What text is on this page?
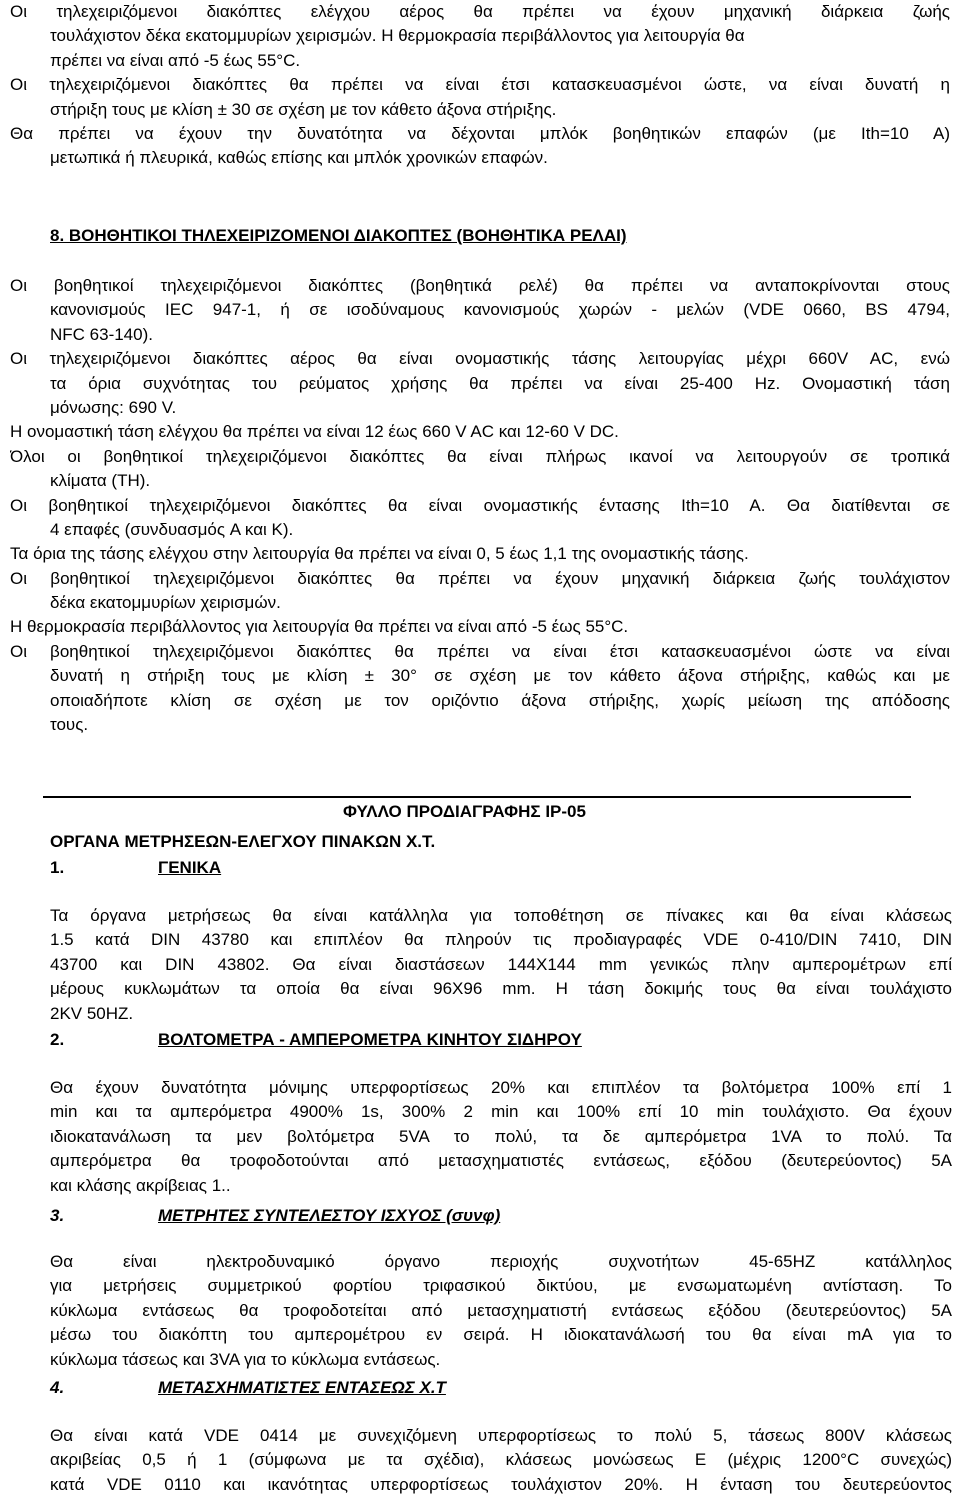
Οι τηλεχειριζόμενοι διακόπτες ελέγχου αέρος θα πρέπει να έχουν μηχανική διάρκεια ζωής
τουλάχιστον δέκα εκατομμυρίων χειρισμών. Η θερμοκρασία περιβάλλοντος για λειτουργία θα
πρέπει να είναι από -5 έως 55°C.
Οι τηλεχειριζόμενοι διακόπτες θα πρέπει να είναι έτσι κατασκευασμένοι ώστε, να είναι δυνατή η
στήριξη τους με κλίση ± 30 σε σχέση με τον κάθετο άξονα στήριξης.
Θα πρέπει να έχουν την δυνατότητα να δέχονται μπλόκ βοηθητικών επαφών (με Ith=10 A)
μετωπικά ή πλευρικά, καθώς επίσης και μπλόκ χρονικών επαφών.
8. ΒΟΗΘΗΤΙΚΟΙ ΤΗΛΕΧΕΙΡΙΖΟΜΕΝΟΙ ΔΙΑΚΟΠΤΕΣ (ΒΟΗΘΗΤΙΚΑ ΡΕΛΑΙ)
Οι βοηθητικοί τηλεχειριζόμενοι διακόπτες (βοηθητικά ρελέ) θα πρέπει να ανταποκρίνονται στους
κανονισμούς IEC 947-1, ή σε ισοδύναμους κανονισμούς χωρών - μελών (VDE 0660, BS 4794,
NFC 63-140).
Οι τηλεχειριζόμενοι διακόπτες αέρος θα είναι ονομαστικής τάσης λειτουργίας μέχρι 660V AC, ενώ
τα όρια συχνότητας του ρεύματος χρήσης θα πρέπει να είναι 25-400 Hz. Ονομαστική τάση
μόνωσης: 690 V.
Η ονομαστική τάση ελέγχου θα πρέπει να είναι 12 έως 660 V AC και 12-60 V DC.
Όλοι οι βοηθητικοί τηλεχειριζόμενοι διακόπτες θα είναι πλήρως ικανοί να λειτουργούν σε τροπικά
κλίματα (TH).
Οι βοηθητικοί τηλεχειριζόμενοι διακόπτες θα είναι ονομαστικής έντασης Ith=10 A. Θα διατίθενται σε
4 επαφές (συνδυασμός A και K).
Τα όρια της τάσης ελέγχου στην λειτουργία θα πρέπει να είναι 0, 5 έως 1,1 της ονομαστικής τάσης.
Οι βοηθητικοί τηλεχειριζόμενοι διακόπτες θα πρέπει να έχουν μηχανική διάρκεια ζωής τουλάχιστον
δέκα εκατομμυρίων χειρισμών.
Η θερμοκρασία περιβάλλοντος για λειτουργία θα πρέπει να είναι από -5 έως 55°C.
Οι βοηθητικοί τηλεχειριζόμενοι διακόπτες θα πρέπει να είναι έτσι κατασκευασμένοι ώστε να είναι
δυνατή η στήριξη τους με κλίση ± 30° σε σχέση με τον κάθετο άξονα στήριξης, καθώς και με
οποιαδήποτε κλίση σε σχέση με τον οριζόντιο άξονα στήριξης, χωρίς μείωση της απόδοσης
τους.
ΦΥΛΛΟ ΠΡΟΔΙΑΓΡΑΦΗΣ IP-05
ΟΡΓΑΝΑ ΜΕΤΡΗΣΕΩΝ-ΕΛΕΓΧΟΥ ΠΙΝΑΚΩΝ Χ.Τ.
1.	ΓΕΝΙΚΑ
Τα όργανα μετρήσεως θα είναι κατάλληλα για τοποθέτηση σε πίνακες και θα είναι κλάσεως
1.5 κατά DIN 43780 και επιπλέον θα πληρούν τις προδιαγραφές VDE 0-410/DIN 7410, DIN
43700 και DIN 43802. Θα είναι διαστάσεων 144X144 mm γενικώς πλην αμπερομέτρων επί
μέρους κυκλωμάτων τα οποία θα είναι 96X96 mm. Η τάση δοκιμής τους θα είναι τουλάχιστο
2KV 50HZ.
2.	ΒΟΛΤΟΜΕΤΡΑ - ΑΜΠΕΡΟΜΕΤΡΑ ΚΙΝΗΤΟΥ ΣΙΔΗΡΟΥ
Θα έχουν δυνατότητα μόνιμης υπερφορτίσεως 20% και επιπλέον τα βολτόμετρα 100% επί 1
min και τα αμπερόμετρα 4900% 1s, 300% 2 min και 100% επί 10 min τουλάχιστο. Θα έχουν
ιδιοκατανάλωση τα μεν βολτόμετρα 5VA το πολύ, τα δε αμπερόμετρα 1VA το πολύ. Τα
αμπερόμετρα θα τροφοδοτούνται από μετασχηματιστές εντάσεως, εξόδου (δευτερεύοντος) 5A
και κλάσης ακρίβειας 1..
3.	ΜΕΤΡΗΤΕΣ ΣΥΝΤΕΛΕΣΤΟΥ ΙΣΧΥΟΣ (συνφ)
Θα είναι ηλεκτροδυναμικό όργανο περιοχής συχνοτήτων 45-65HZ κατάλληλος
για μετρήσεις συμμετρικού φορτίου τριφασικού δικτύου, με ενσωματωμένη αντίσταση. Το
κύκλωμα εντάσεως θα τροφοδοτείται από μετασχηματιστή εντάσεως εξόδου (δευτερεύοντος) 5A
μέσω του διακόπτη του αμπερομέτρου εν σειρά. Η ιδιοκατανάλωσή του θα είναι mA για το
κύκλωμα τάσεως και 3VA για το κύκλωμα εντάσεως.
4.	ΜΕΤΑΣΧΗΜΑΤΙΣΤΕΣ ΕΝΤΑΣΕΩΣ Χ.Τ
Θα είναι κατά VDE 0414 με συνεχιζόμενη υπερφορτίσεως το πολύ 5, τάσεως 800V κλάσεως
ακριβείας 0,5 ή 1 (σύμφωνα με τα σχέδια), κλάσεως μονώσεως E (μέχρις 1200°C συνεχώς)
κατά VDE 0110 και ικανότητας υπερφορτίσεως τουλάχιστον 20%. Η ένταση του δευτερεύοντος
